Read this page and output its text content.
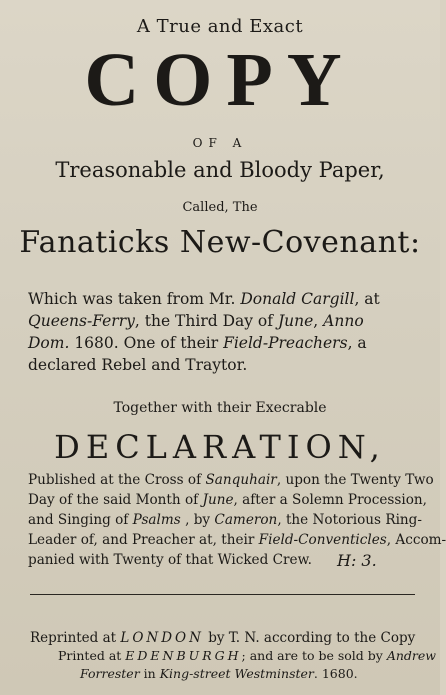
A True and Exact
COPY
OF A
Treasonable and Bloody Paper,
Called, The
Fanaticks New-Covenant:
Which was taken from Mr. Donald Cargill, at
Queens-Ferry, the Third Day of June, Anno
Dom. 1680. One of their Field-Preachers, a
declared Rebel and Traytor.
Together with their Execrable
DECLARATION,
Published at the Cross of Sanquhair, upon the Twenty Two
Day of the said Month of June, after a Solemn Procession,
and Singing of Psalms , by Cameron, the Notorious Ring-
Leader of, and Preacher at, their Field-Conventicles, Accom-
panied with Twenty of that Wicked Crew. H: 3.
Reprinted at LONDON by T. N. according to the Copy
Printed at EDENBURGH; and are to be sold by Andrew
Forrester in King-street Westminster. 1680.
